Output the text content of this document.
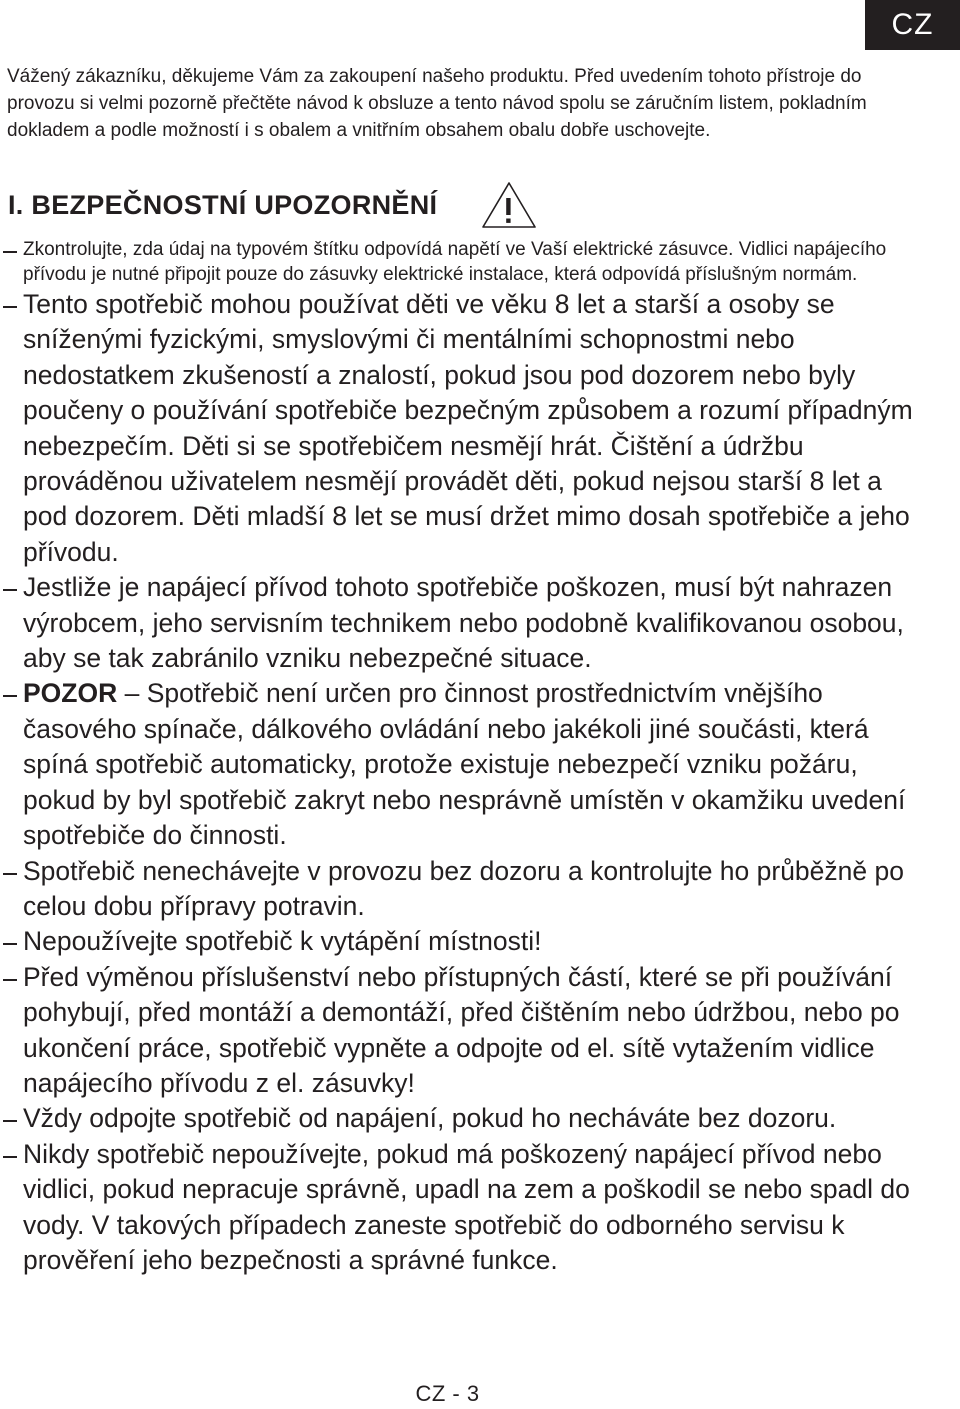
CZ

Vážený zákazníku, děkujeme Vám za zakoupení našeho produktu. Před uvedením tohoto přístroje do provozu si velmi pozorně přečtěte návod k obsluze a tento návod spolu se záručním listem, pokladním dokladem a podle možností i s obalem a vnitřním obsahem obalu dobře uschovejte.

I. BEZPEČNOSTNÍ UPOZORNĚNÍ
Zkontrolujte, zda údaj na typovém štítku odpovídá napětí ve Vaší elektrické zásuvce. Vidlici napájecího přívodu je nutné připojit pouze do zásuvky elektrické instalace, která odpovídá příslušným normám.
Tento spotřebič mohou používat děti ve věku 8 let a starší a osoby se sníženými fyzickými, smyslovými či mentálními schopnostmi nebo nedostatkem zkušeností a znalostí, pokud jsou pod dozorem nebo byly poučeny o používání spotřebiče bezpečným způsobem a rozumí případným nebezpečím. Děti si se spotřebičem nesmějí hrát. Čištění a údržbu prováděnou uživatelem nesmějí provádět děti, pokud nejsou starší 8 let a pod dozorem. Děti mladší 8 let se musí držet mimo dosah spotřebiče a jeho přívodu.
Jestliže je napájecí přívod tohoto spotřebiče poškozen, musí být nahrazen výrobcem, jeho servisním technikem nebo podobně kvalifikovanou osobou, aby se tak zabránilo vzniku nebezpečné situace.
POZOR – Spotřebič není určen pro činnost prostřednictvím vnějšího časového spínače, dálkového ovládání nebo jakékoli jiné součásti, která spíná spotřebič automaticky, protože existuje nebezpečí vzniku požáru, pokud by byl spotřebič zakryt nebo nesprávně umístěn v okamžiku uvedení spotřebiče do činnosti.
Spotřebič nenechávejte v provozu bez dozoru a kontrolujte ho průběžně po celou dobu přípravy potravin.
Nepoužívejte spotřebič k vytápění místnosti!
Před výměnou příslušenství nebo přístupných částí, které se při používání pohybují, před montáží a demontáží, před čištěním nebo údržbou, nebo po ukončení práce, spotřebič vypněte a odpojte od el. sítě vytažením vidlice napájecího přívodu z el. zásuvky!
Vždy odpojte spotřebič od napájení, pokud ho necháváte bez dozoru.
Nikdy spotřebič nepoužívejte, pokud má poškozený napájecí přívod nebo vidlici, pokud nepracuje správně, upadl na zem a poškodil se nebo spadl do vody. V takových případech zaneste spotřebič do odborného servisu k prověření jeho bezpečnosti a správné funkce.
CZ - 3
